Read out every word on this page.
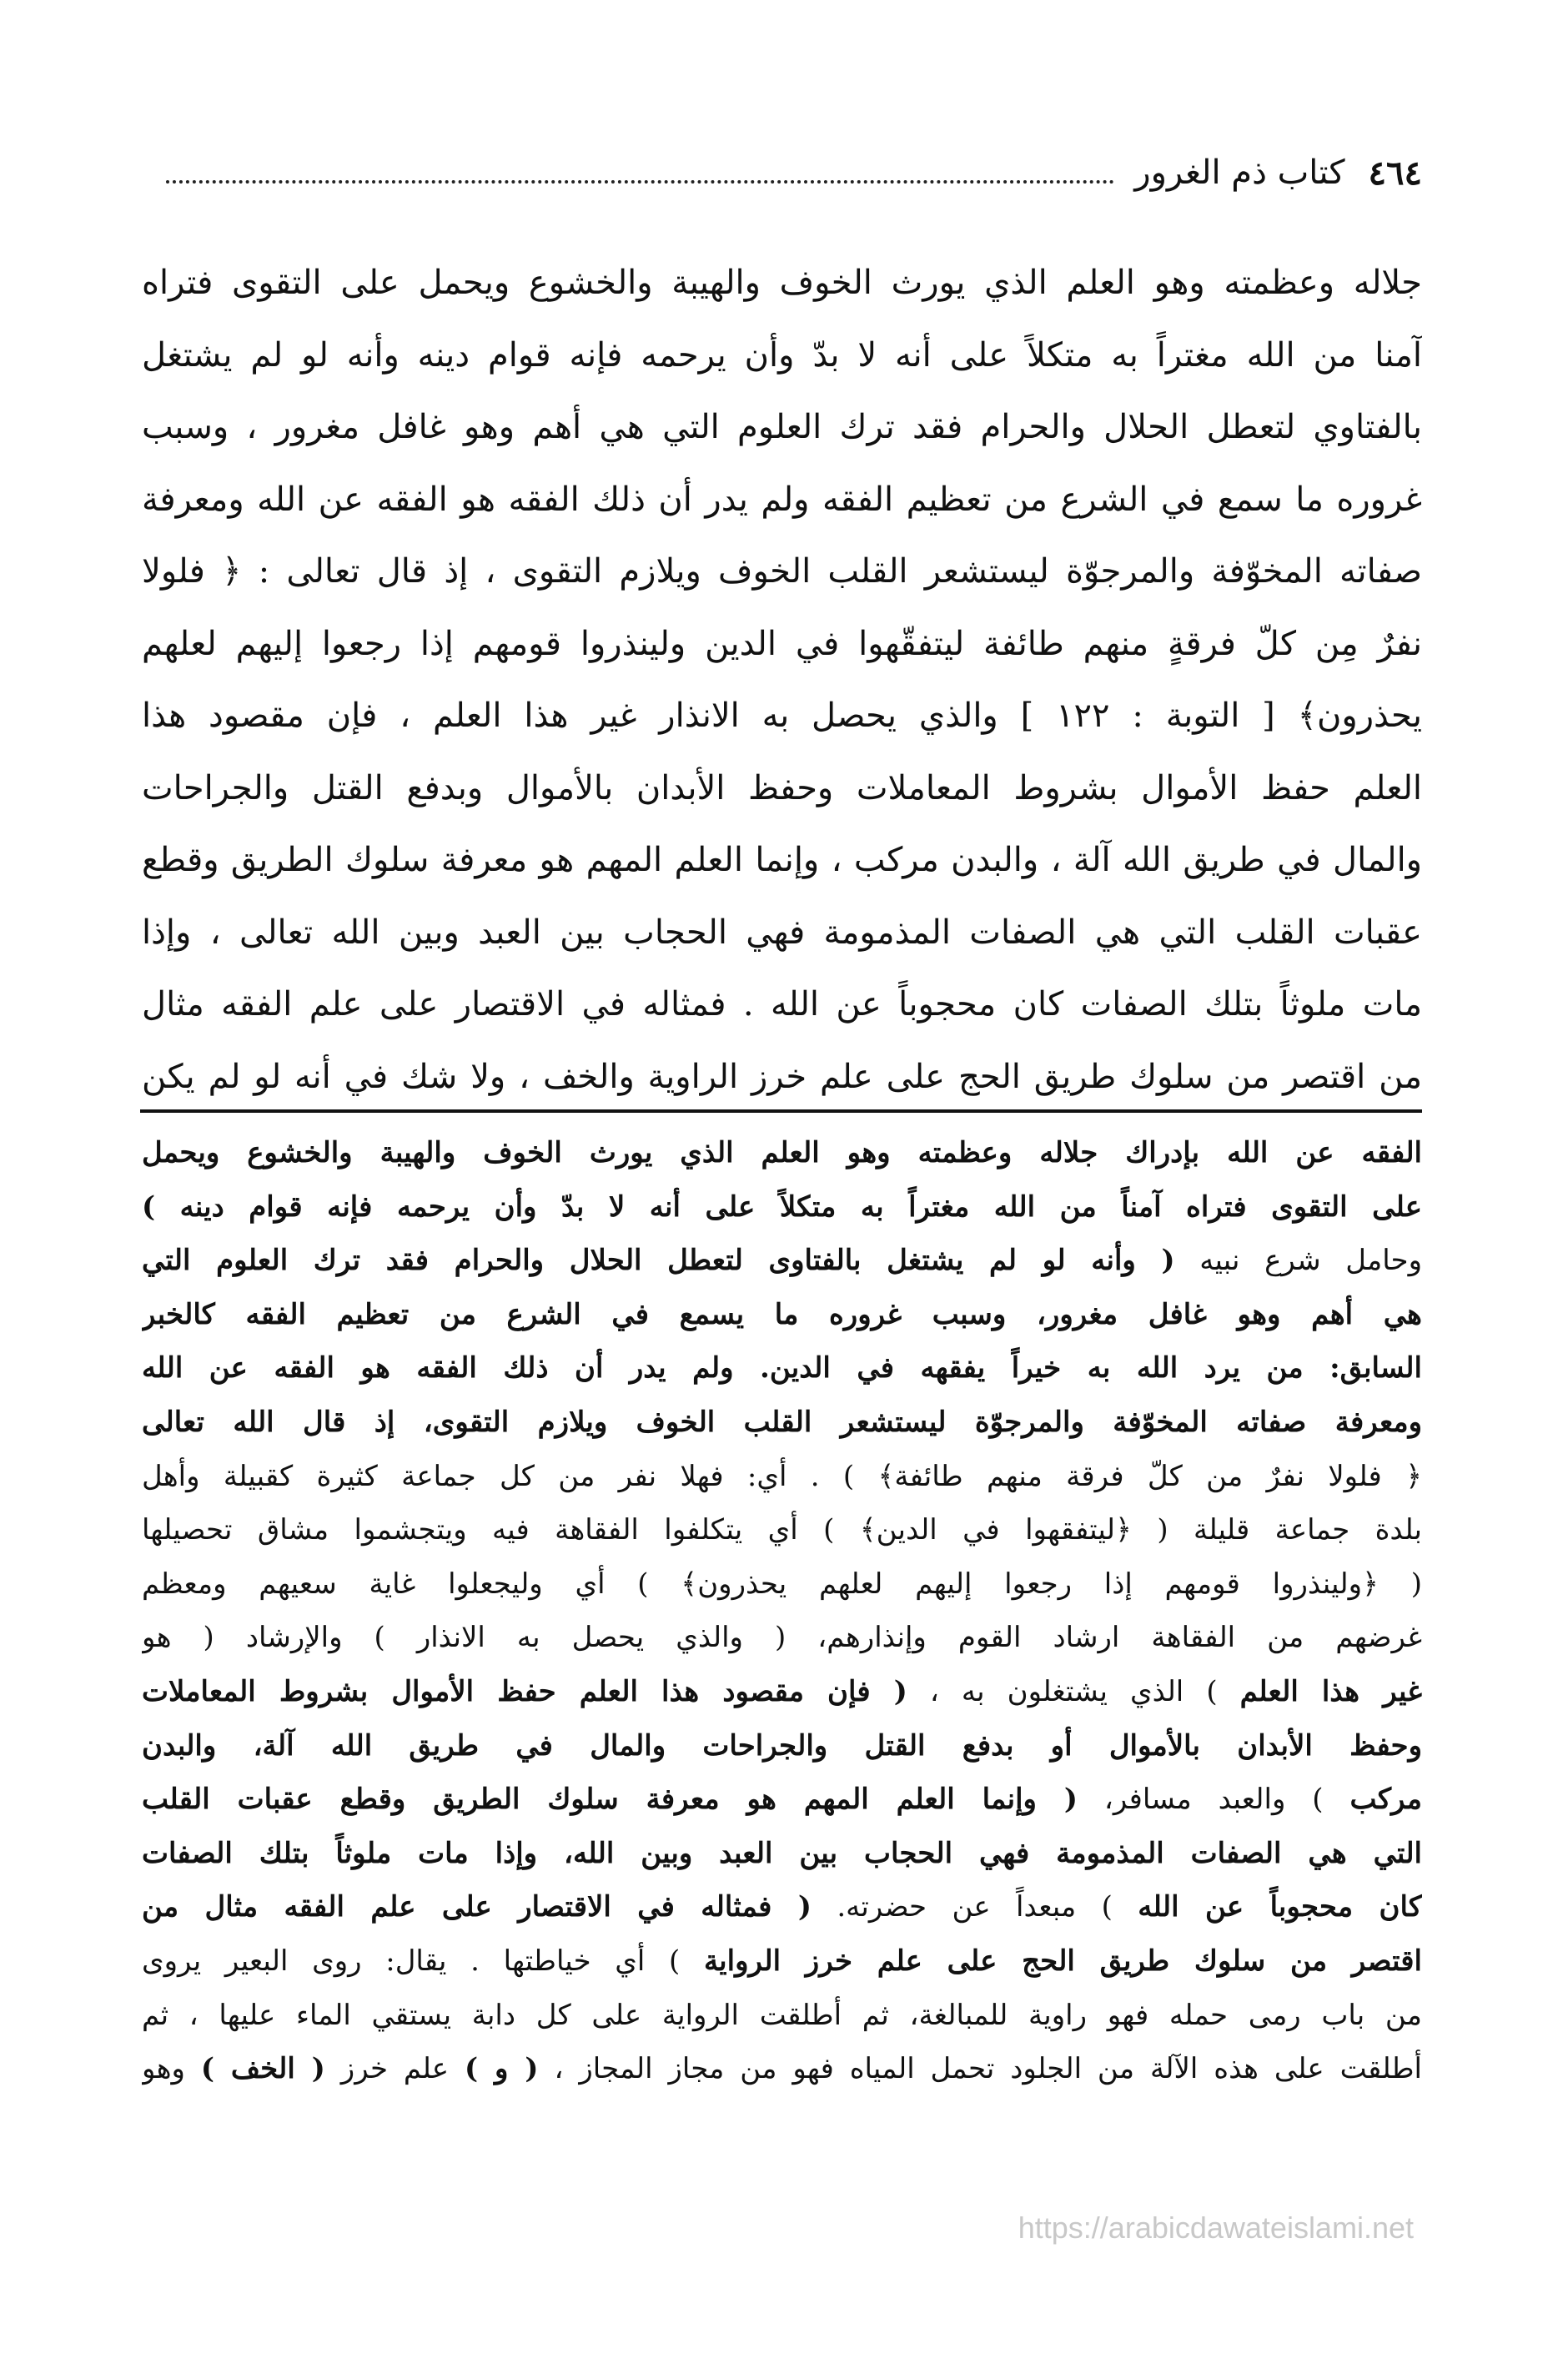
٤٦٤
كتاب ذم الغرور
جلاله وعظمته وهو العلم الذي يورث الخوف والهيبة والخشوع ويحمل على التقوى فتراه
آمنا من الله مغتراً به متكلاً على أنه لا بدّ وأن يرحمه فإنه قوام دينه وأنه لو لم يشتغل
بالفتاوي لتعطل الحلال والحرام فقد ترك العلوم التي هي أهم وهو غافل مغرور ، وسبب
غروره ما سمع في الشرع من تعظيم الفقه ولم يدر أن ذلك الفقه هو الفقه عن الله ومعرفة
صفاته المخوّفة والمرجوّة ليستشعر القلب الخوف ويلازم التقوى ، إذ قال تعالى : ﴿ فلولا
نفرٌ مِن كلّ فرقةٍ منهم طائفة ليتفقّهوا في الدين ولينذروا قومهم إذا رجعوا إليهم لعلهم
يحذرون﴾ [ التوبة : ١٢٢ ] والذي يحصل به الانذار غير هذا العلم ، فإن مقصود هذا
العلم حفظ الأموال بشروط المعاملات وحفظ الأبدان بالأموال وبدفع القتل والجراحات
والمال في طريق الله آلة ، والبدن مركب ، وإنما العلم المهم هو معرفة سلوك الطريق وقطع
عقبات القلب التي هي الصفات المذمومة فهي الحجاب بين العبد وبين الله تعالى ، وإذا
مات ملوثاً بتلك الصفات كان محجوباً عن الله . فمثاله في الاقتصار على علم الفقه مثال
من اقتصر من سلوك طريق الحج على علم خرز الراوية والخف ، ولا شك في أنه لو لم يكن
الفقه عن الله بإدراك جلاله وعظمته وهو العلم الذي يورث الخوف والهيبة والخشوع ويحمل
على التقوى فتراه آمناً من الله مغتراً به متكلاً على أنه لا بدّ وأن يرحمه فإنه قوام دينه )
وحامل شرع نبيه ( وأنه لو لم يشتغل بالفتاوى لتعطل الحلال والحرام فقد ترك العلوم التي
هي أهم وهو غافل مغرور، وسبب غروره ما يسمع في الشرع من تعظيم الفقه كالخبر
السابق: من يرد الله به خيراً يفقهه في الدين. ولم يدر أن ذلك الفقه هو الفقه عن الله
ومعرفة صفاته المخوّفة والمرجوّة ليستشعر القلب الخوف ويلازم التقوى، إذ قال الله تعالى
﴿ فلولا نفرٌ من كلّ فرقة منهم طائفة﴾ ) . أي: فهلا نفر من كل جماعة كثيرة كقبيلة وأهل
بلدة جماعة قليلة ( ﴿ليتفقهوا في الدين﴾ ) أي يتكلفوا الفقاهة فيه ويتجشموا مشاق تحصيلها
( ﴿ولينذروا قومهم إذا رجعوا إليهم لعلهم يحذرون﴾ ) أي وليجعلوا غاية سعيهم ومعظم
غرضهم من الفقاهة ارشاد القوم وإنذارهم، ( والذي يحصل به الانذار ) والإرشاد ( هو
غير هذا العلم ) الذي يشتغلون به ، ( فإن مقصود هذا العلم حفظ الأموال بشروط المعاملات
وحفظ الأبدان بالأموال أو بدفع القتل والجراحات والمال في طريق الله آلة، والبدن
مركب ) والعبد مسافر، ( وإنما العلم المهم هو معرفة سلوك الطريق وقطع عقبات القلب
التي هي الصفات المذمومة فهي الحجاب بين العبد وبين الله، وإذا مات ملوثاً بتلك الصفات
كان محجوباً عن الله ) مبعداً عن حضرته. ( فمثاله في الاقتصار على علم الفقه مثال من
اقتصر من سلوك طريق الحج على علم خرز الرواية ) أي خياطتها . يقال: روى البعير يروى
من باب رمى حمله فهو راوية للمبالغة، ثم أطلقت الرواية على كل دابة يستقي الماء عليها ، ثم
أطلقت على هذه الآلة من الجلود تحمل المياه فهو من مجاز المجاز ، ( و ) علم خرز ( الخف ) وهو
https://arabicdawateislami.net
